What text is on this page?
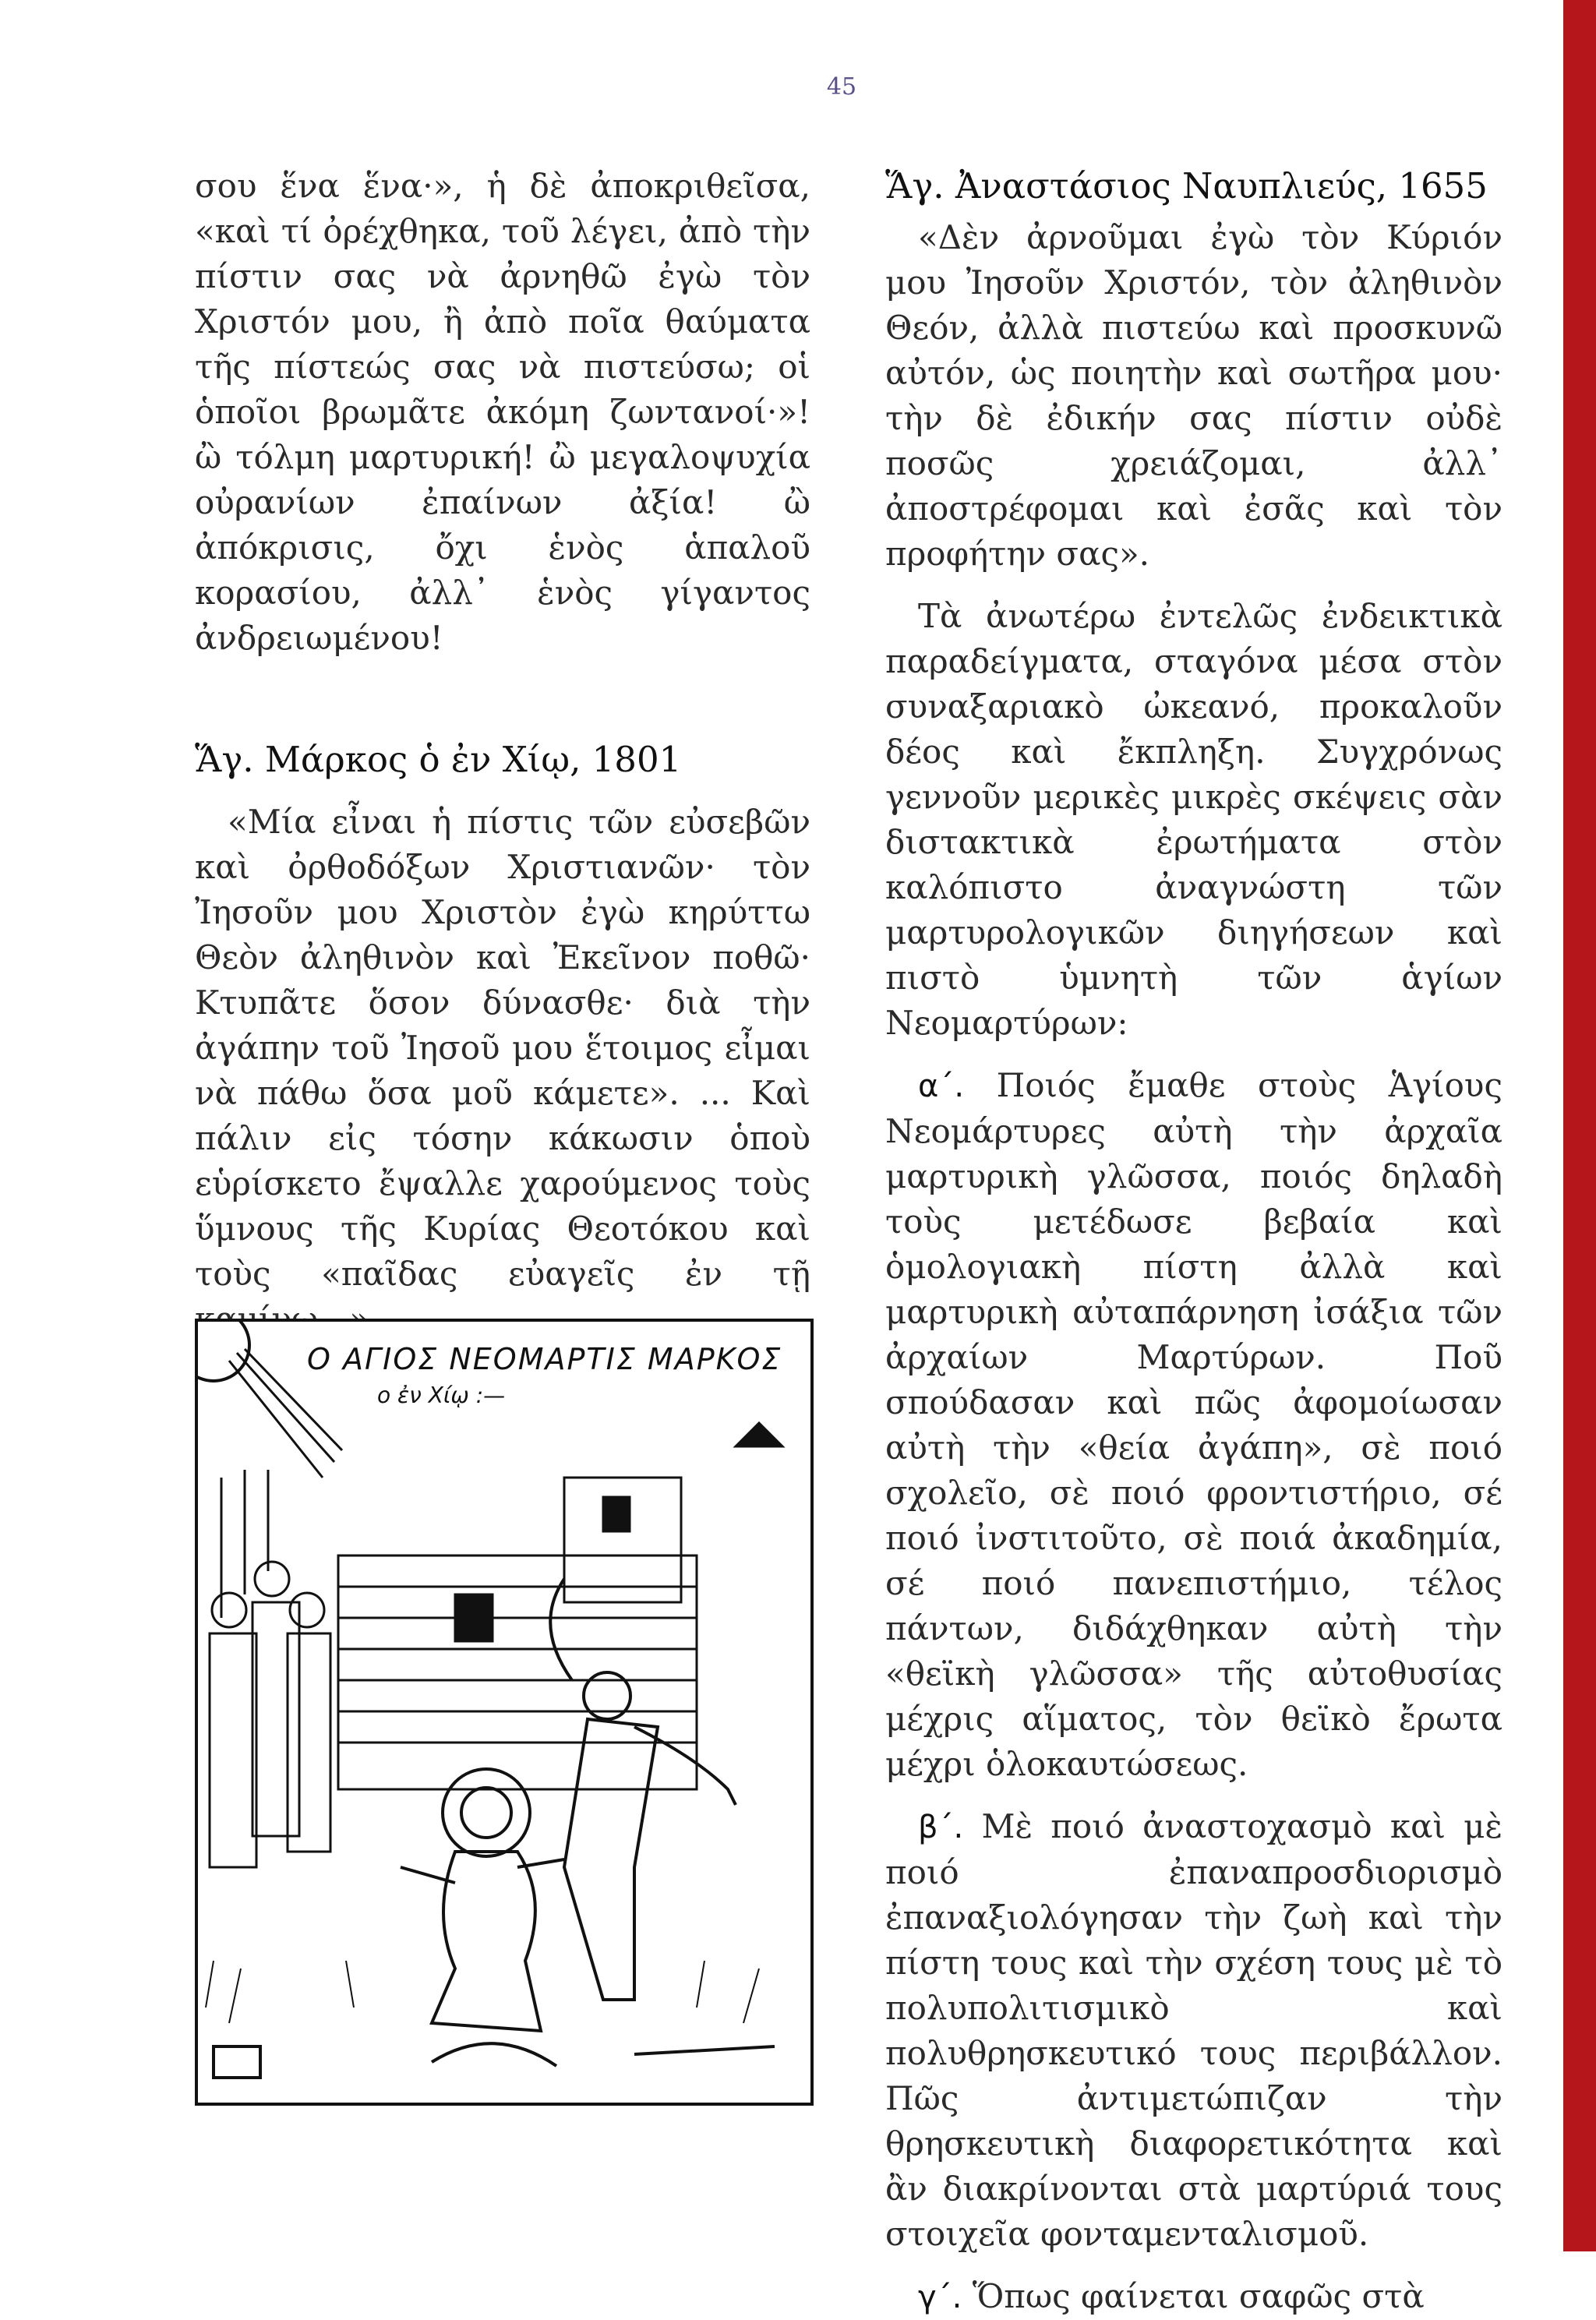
45

σου ἕνα ἕνα·», ἡ δὲ ἀποκριθεῖσα, «καὶ τί ὀρέχθηκα, τοῦ λέγει, ἀπὸ τὴν πίστιν σας νὰ ἀρνηθῶ ἐγὼ τὸν Χριστόν μου, ἢ ἀπὸ ποῖα θαύματα τῆς πίστεώς σας νὰ πιστεύσω; οἱ ὁποῖοι βρωμᾶτε ἀκόμη ζωντανοί·»! ὢ τόλμη μαρτυρική! ὢ μεγαλοψυχία οὐρανίων ἐπαίνων ἀξία! ὢ ἀπόκρισις, ὄχι ἑνὸς ἁπαλοῦ κορασίου, ἀλλ᾽ ἑνὸς γίγαντος ἀνδρειωμένου!

Ἅγ. Μάρκος ὁ ἐν Χίῳ, 1801

«Μία εἶναι ἡ πίστις τῶν εὐσεβῶν καὶ ὀρθοδόξων Χριστιανῶν· τὸν Ἰησοῦν μου Χριστὸν ἐγὼ κηρύττω Θεὸν ἀληθινὸν καὶ Ἐκεῖνον ποθῶ· Κτυπᾶτε ὅσον δύνασθε· διὰ τὴν ἀγάπην τοῦ Ἰησοῦ μου ἕτοιμος εἶμαι νὰ πάθω ὅσα μοῦ κάμετε». ... Καὶ πάλιν εἰς τόσην κάκωσιν ὁποὺ εὑρίσκετο ἔψαλλε χαρούμενος τοὺς ὕμνους τῆς Κυρίας Θεοτόκου καὶ τοὺς «παῖδας εὐαγεῖς ἐν τῇ

Ο ΑΓΙΟΣ ΝΕΟΜΑΡΤΙΣ ΜΑΡΚΟΣ
ο ἐν Χίῳ :—
Ἅγ. Ἀναστάσιος Ναυπλιεύς, 1655

«Δὲν ἀρνοῦμαι ἐγὼ τὸν Κύριόν μου Ἰησοῦν Χριστόν, τὸν ἀληθινὸν Θεόν, ἀλλὰ πιστεύω καὶ προσκυνῶ αὐτόν, ὡς ποιητὴν καὶ σωτῆρα μου· τὴν δὲ ἐδικήν σας πίστιν οὐδὲ ποσῶς χρειάζομαι, ἀλλ᾽ ἀποστρέφομαι καὶ ἐσᾶς καὶ τὸν προφήτην σας».

Τὰ ἀνωτέρω ἐντελῶς ἐνδεικτικὰ παραδείγματα, σταγόνα μέσα στὸν συναξαριακὸ ὠκεανό, προκαλοῦν δέος καὶ ἔκπληξη. Συγχρόνως γεννοῦν μερικὲς μικρὲς σκέψεις σὰν διστακτικὰ ἐρωτήματα στὸν καλόπιστο ἀναγνώστη τῶν μαρτυρολογικῶν διηγήσεων καὶ πιστὸ ὑμνητὴ τῶν ἁγίων Νεομαρτύρων:

α´. Ποιός ἔμαθε στοὺς Ἁγίους Νεομάρτυρες αὐτὴ τὴν ἀρχαῖα μαρτυρικὴ γλῶσσα, ποιός δηλαδὴ τοὺς μετέδωσε βεβαία καὶ ὁμολογιακὴ πίστη ἀλλὰ καὶ μαρτυρικὴ αὐταπάρνηση ἰσάξια τῶν ἀρχαίων Μαρτύρων. Ποῦ σπούδασαν καὶ πῶς ἀφομοίωσαν αὐτὴ τὴν «θεία ἀγάπη», σὲ ποιό σχολεῖο, σὲ ποιό φροντιστήριο, σέ ποιό ἰνστιτοῦτο, σὲ ποιά ἀκαδημία, σέ ποιό πανεπιστήμιο, τέλος πάντων, διδάχθηκαν αὐτὴ τὴν «θεϊκὴ γλῶσσα» τῆς αὐτοθυσίας μέχρις αἵματος, τὸν θεϊκὸ ἔρωτα μέχρι ὁλοκαυτώσεως.

β´. Μὲ ποιό ἀναστοχασμὸ καὶ μὲ ποιό ἐπαναπροσδιορισμὸ ἐπαναξιολόγησαν τὴν ζωὴ καὶ τὴν πίστη τους καὶ τὴν σχέση τους μὲ τὸ πολυπολιτισμικὸ καὶ πολυθρησκευτικό τους περιβάλλον. Πῶς ἀντιμετώπιζαν τὴν θρησκευτικὴ διαφορετικότητα καὶ ἂν διακρίνονται στὰ μαρτύριά τους στοιχεῖα φονταμενταλισμοῦ.

γ´. Ὅπως φαίνεται σαφῶς στὰ
